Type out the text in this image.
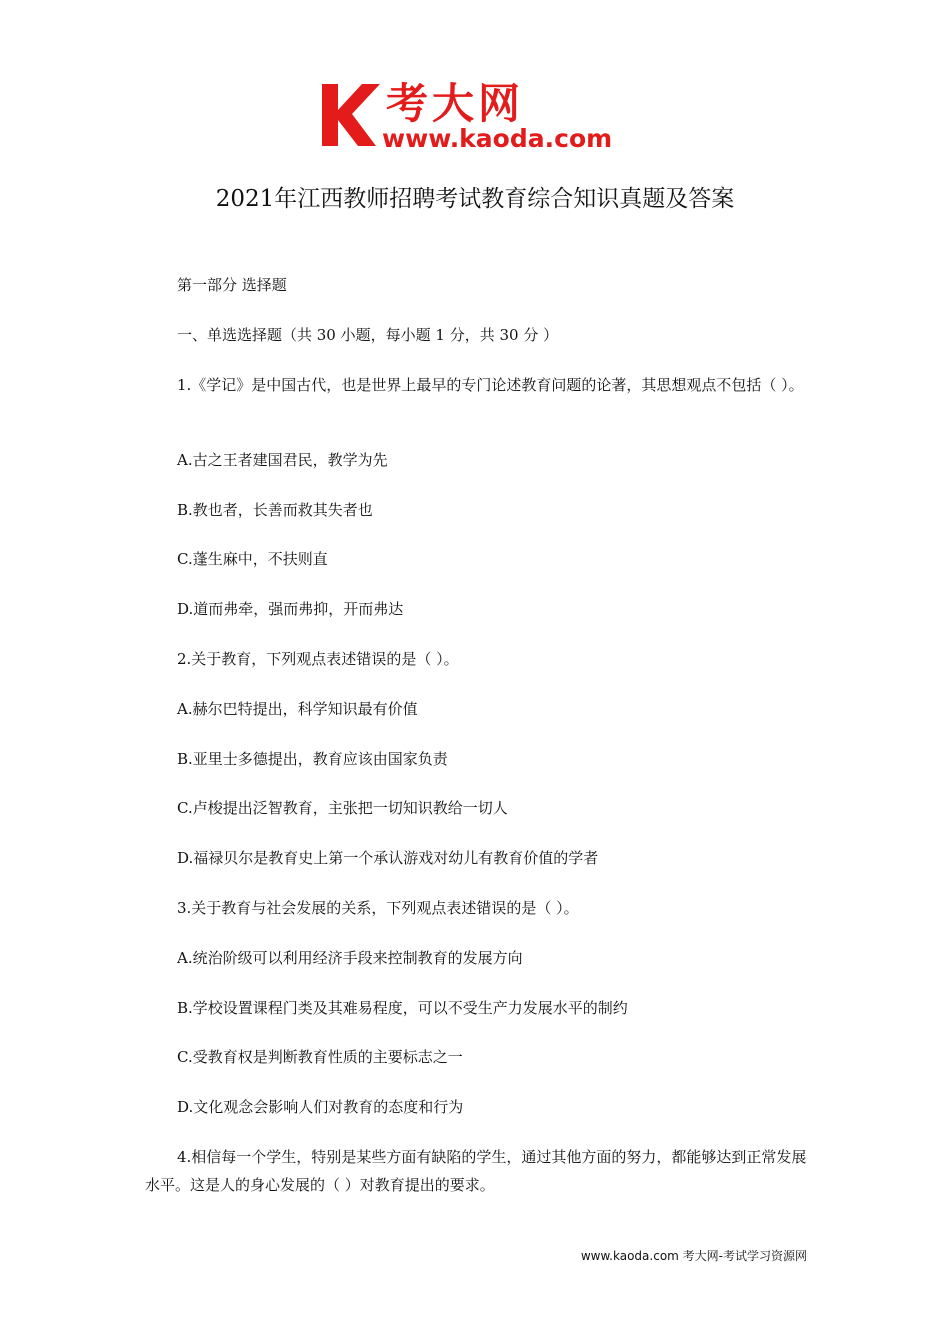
考大网
www.kaoda.com
2021年江西教师招聘考试教育综合知识真题及答案

第一部分 选择题

一、单选选择题（共 30 小题，每小题 1 分，共 30 分 ）

1.《学记》是中国古代，也是世界上最早的专门论述教育问题的论著，其思想观点不包括（ ）。

A.古之王者建国君民，教学为先

B.教也者，长善而救其失者也

C.蓬生麻中，不扶则直

D.道而弗牵，强而弗抑，开而弗达

2.关于教育，下列观点表述错误的是（ ）。

A.赫尔巴特提出，科学知识最有价值

B.亚里士多德提出，教育应该由国家负责

C.卢梭提出泛智教育，主张把一切知识教给一切人

D.福禄贝尔是教育史上第一个承认游戏对幼儿有教育价值的学者

3.关于教育与社会发展的关系，下列观点表述错误的是（ ）。

A.统治阶级可以利用经济手段来控制教育的发展方向

B.学校设置课程门类及其难易程度，可以不受生产力发展水平的制约

C.受教育权是判断教育性质的主要标志之一

D.文化观念会影响人们对教育的态度和行为

4.相信每一个学生，特别是某些方面有缺陷的学生，通过其他方面的努力，都能够达到正常发展水平。这是人的身心发展的（ ）对教育提出的要求。

www.kaoda.com 考大网-考试学习资源网
